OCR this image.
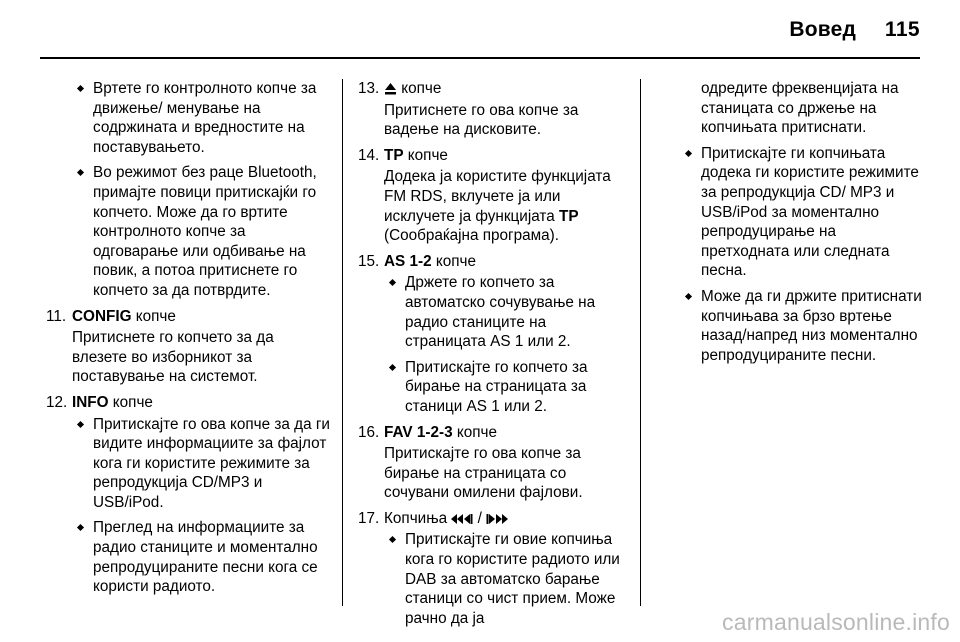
Вовед 115

Вртете го контролното копче за движење/ менување на содржината и вредностите на поставувањето.

Во режимот без раце Bluetooth, примајте повици притискајќи го копчето. Може да го вртите контролното копче за одговарање или одбивање на повик, а потоа притиснете го копчето за да потврдите.

11. CONFIG копче

Притиснете го копчето за да влезете во изборникот за поставување на системот.

12. INFO копче

Притискајте го ова копче за да ги видите информациите за фајлот кога ги користите режимите за репродукција CD/MP3 и USB/iPod.

Преглед на информациите за радио станиците и моментално репродуцираните песни кога се користи радиото.

13. копче

Притиснете го ова копче за вадење на дисковите.

14. TP копче

Додека ја користите функцијата FM RDS, вклучете ја или исклучете ја функцијата TP
(Сообраќајна програма).

15. AS 1-2 копче

Држете го копчето за автоматско сочувување на радио станиците на страницата AS 1 или 2.

Притискајте го копчето за бирање на страницата за станици AS 1 или 2.

16. FAV 1-2-3 копче

Притискајте го ова копче за бирање на страницата со сочувани омилени фајлови.

17. Копчиња  /

Притискајте ги овие копчиња кога го користите радиото или DAB за автоматско барање станици со чист прием. Може рачно да ја

одредите фреквенцијата на станицата со држење на копчињата притиснати.

Притискајте ги копчињата додека ги користите режимите за репродукција CD/ MP3 и USB/iPod за моментално репродуцирање на претходната или следната песна.

Може да ги држите притиснати копчињава за брзо вртење назад/напред низ моментално репродуцираните песни.

carmanualsonline.info
